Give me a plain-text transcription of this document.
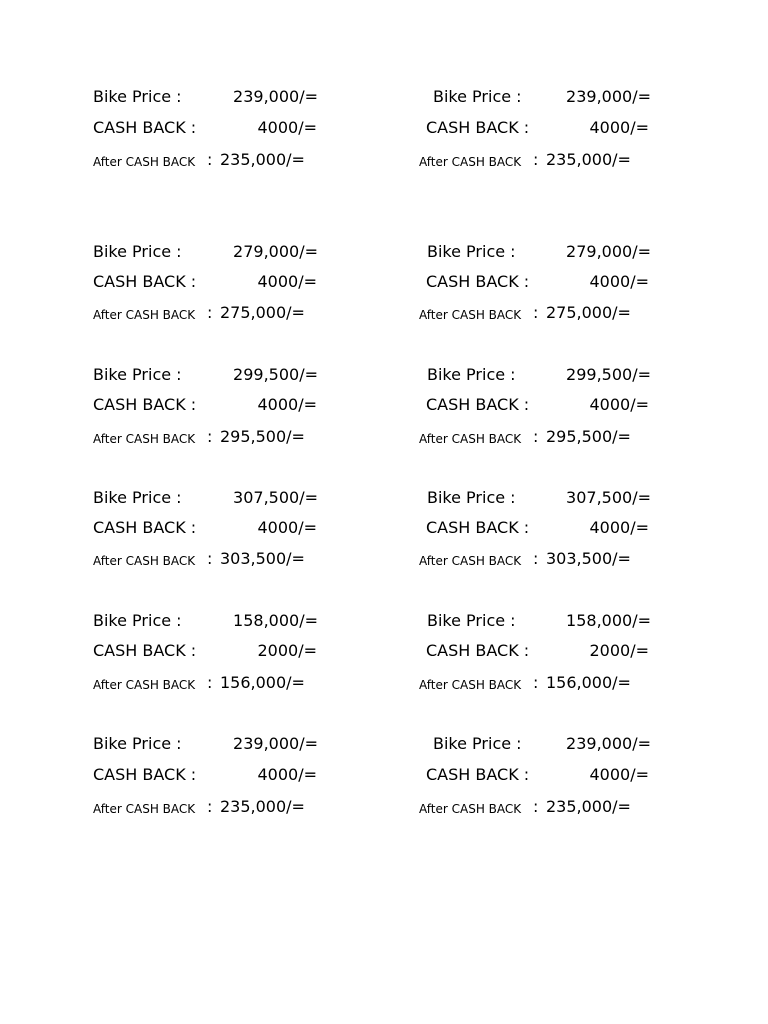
Bike Price :	239,000/=
CASH BACK :	4000/=
After CASH BACK : 235,000/=
Bike Price :	239,000/=
CASH BACK :	4000/=
After CASH BACK : 235,000/=
Bike Price :	279,000/=
CASH BACK :	4000/=
After CASH BACK : 275,000/=
Bike Price :	279,000/=
CASH BACK :	4000/=
After CASH BACK : 275,000/=
Bike Price :	299,500/=
CASH BACK :	4000/=
After CASH BACK : 295,500/=
Bike Price :	299,500/=
CASH BACK :	4000/=
After CASH BACK : 295,500/=
Bike Price :	307,500/=
CASH BACK :	4000/=
After CASH BACK : 303,500/=
Bike Price :	307,500/=
CASH BACK :	4000/=
After CASH BACK : 303,500/=
Bike Price :	158,000/=
CASH BACK :	2000/=
After CASH BACK : 156,000/=
Bike Price :	158,000/=
CASH BACK :	2000/=
After CASH BACK : 156,000/=
Bike Price :	239,000/=
CASH BACK :	4000/=
After CASH BACK : 235,000/=
Bike Price :	239,000/=
CASH BACK :	4000/=
After CASH BACK : 235,000/=
